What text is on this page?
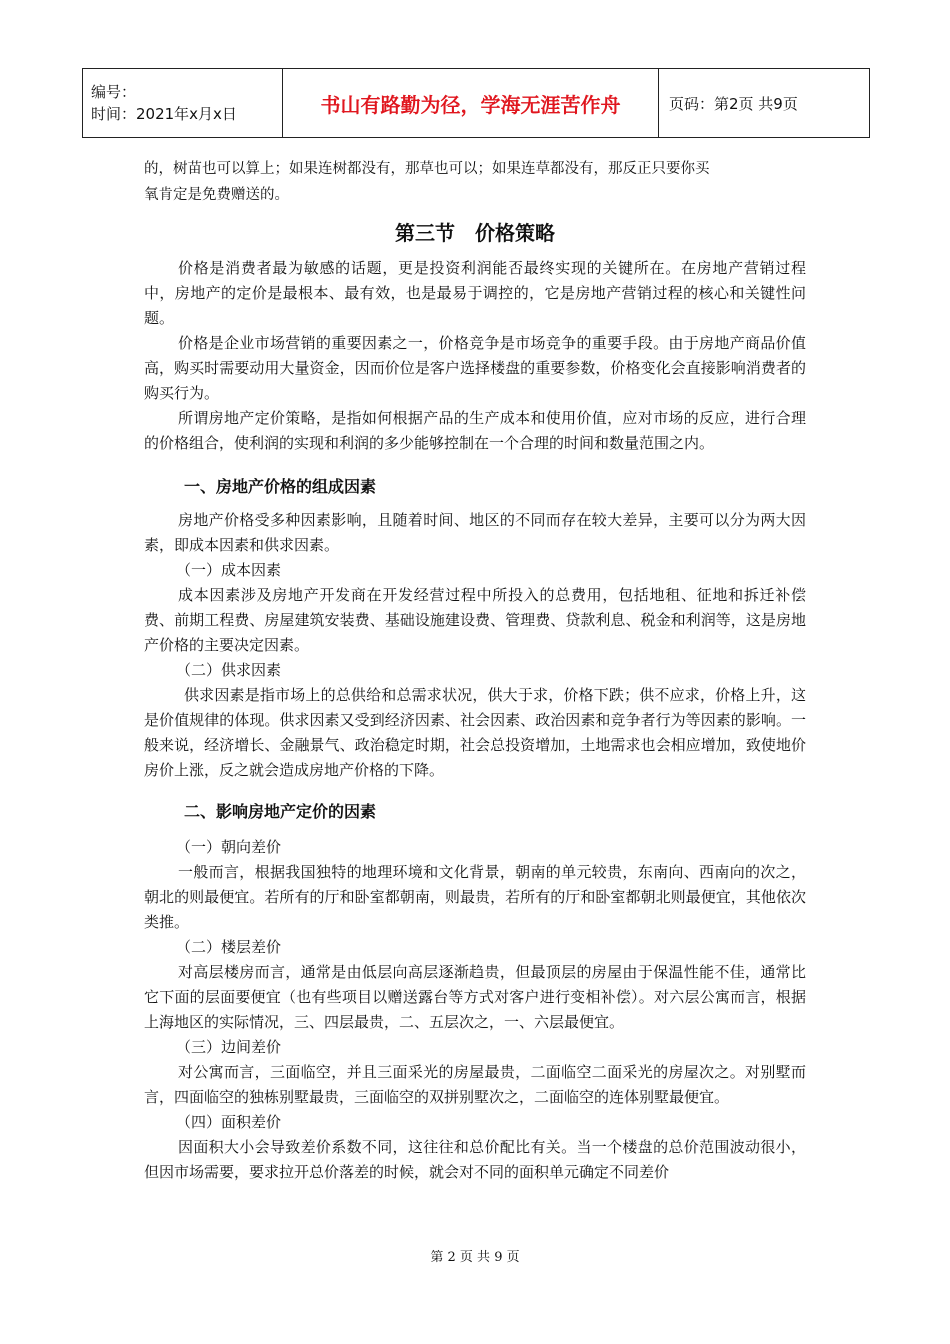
编号：
时间：2021年x月x日	书山有路勤为径，学海无涯苦作舟	页码：第2页 共9页

的，树苗也可以算上；如果连树都没有，那草也可以；如果连草都没有，那反正只要你买

氧肯定是免费赠送的。

第三节　价格策略

价格是消费者最为敏感的话题，更是投资利润能否最终实现的关键所在。在房地产营销过程中，房地产的定价是最根本、最有效，也是最易于调控的，它是房地产营销过程的核心和关键性问题。

价格是企业市场营销的重要因素之一，价格竞争是市场竞争的重要手段。由于房地产商品价值高，购买时需要动用大量资金，因而价位是客户选择楼盘的重要参数，价格变化会直接影响消费者的购买行为。

所谓房地产定价策略，是指如何根据产品的生产成本和使用价值，应对市场的反应，进行合理的价格组合，使利润的实现和利润的多少能够控制在一个合理的时间和数量范围之内。

一、房地产价格的组成因素

房地产价格受多种因素影响，且随着时间、地区的不同而存在较大差异，主要可以分为两大因素，即成本因素和供求因素。

（一）成本因素

成本因素涉及房地产开发商在开发经营过程中所投入的总费用，包括地租、征地和拆迁补偿费、前期工程费、房屋建筑安装费、基础设施建设费、管理费、贷款利息、税金和利润等，这是房地产价格的主要决定因素。

（二）供求因素

供求因素是指市场上的总供给和总需求状况，供大于求，价格下跌；供不应求，价格上升，这是价值规律的体现。供求因素又受到经济因素、社会因素、政治因素和竞争者行为等因素的影响。一般来说，经济增长、金融景气、政治稳定时期，社会总投资增加，土地需求也会相应增加，致使地价房价上涨，反之就会造成房地产价格的下降。

二、影响房地产定价的因素

（一）朝向差价

一般而言，根据我国独特的地理环境和文化背景，朝南的单元较贵，东南向、西南向的次之，朝北的则最便宜。若所有的厅和卧室都朝南，则最贵，若所有的厅和卧室都朝北则最便宜，其他依次类推。

（二）楼层差价

对高层楼房而言，通常是由低层向高层逐渐趋贵，但最顶层的房屋由于保温性能不佳，通常比它下面的层面要便宜（也有些项目以赠送露台等方式对客户进行变相补偿）。对六层公寓而言，根据上海地区的实际情况，三、四层最贵，二、五层次之，一、六层最便宜。

（三）边间差价

对公寓而言，三面临空，并且三面采光的房屋最贵，二面临空二面采光的房屋次之。对别墅而言，四面临空的独栋别墅最贵，三面临空的双拼别墅次之，二面临空的连体别墅最便宜。

（四）面积差价

因面积大小会导致差价系数不同，这往往和总价配比有关。当一个楼盘的总价范围波动很小，但因市场需要，要求拉开总价落差的时候，就会对不同的面积单元确定不同差价

第 2 页 共 9 页
